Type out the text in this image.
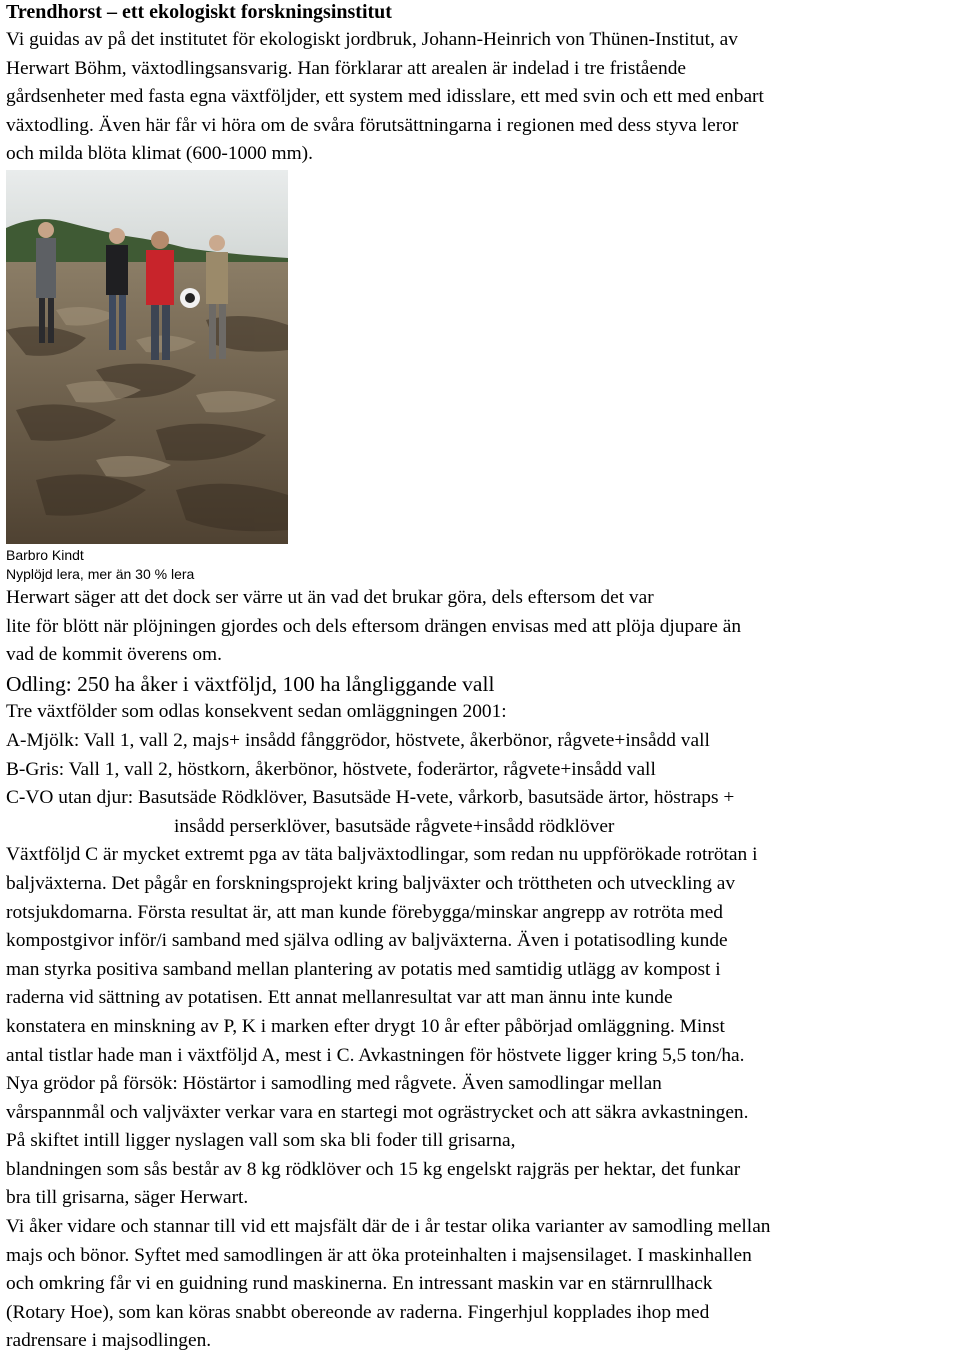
Trendhorst – ett ekologiskt forskningsinstitut
Vi guidas av på det institutet för ekologiskt jordbruk, Johann-Heinrich von Thünen-Institut, av
Herwart Böhm, växtodlingsansvarig. Han förklarar att arealen är indelad i tre fristående
gårdsenheter med fasta egna växtföljder, ett system med idisslare, ett med svin och ett med enbart
växtodling. Även här får vi höra om de svåra förutsättningarna i regionen med dess styva leror
och milda blöta klimat (600-1000 mm).
Barbro Kindt
Nyplöjd lera, mer än 30 % lera
Herwart säger att det dock ser värre ut än vad det brukar göra, dels eftersom det var
lite för blött när plöjningen gjordes och dels eftersom drängen envisas med att plöja djupare än
vad de kommit överens om.
Odling: 250 ha åker i växtföljd, 100 ha långliggande vall
Tre växtfölder som odlas konsekvent sedan omläggningen 2001:
A-Mjölk: Vall 1, vall 2, majs+ insådd fånggrödor, höstvete, åkerbönor, rågvete+insådd vall
B-Gris: Vall 1, vall 2, höstkorn, åkerbönor, höstvete, foderärtor, rågvete+insådd vall
C-VO utan djur: Basutsäde Rödklöver, Basutsäde H-vete, vårkorb, basutsäde ärtor, höstraps +
insådd perserklöver, basutsäde rågvete+insådd rödklöver
Växtföljd C är mycket extremt pga av täta baljväxtodlingar, som redan nu uppförökade rotrötan i
baljväxterna. Det pågår en forskningsprojekt kring baljväxter och tröttheten och utveckling av
rotsjukdomarna. Första resultat är, att man kunde förebygga/minskar angrepp av rotröta med
kompostgivor inför/i samband med själva odling av baljväxterna. Även i potatisodling kunde
man styrka positiva samband mellan plantering av potatis med samtidig utlägg av kompost i
raderna vid sättning av potatisen. Ett annat mellanresultat var att man ännu inte kunde
konstatera en minskning av P, K i marken efter drygt 10 år efter påbörjad omläggning. Minst
antal tistlar hade man i växtföljd A, mest i C. Avkastningen för höstvete ligger kring 5,5 ton/ha.
Nya grödor på försök: Höstärtor i samodling med rågvete. Även samodlingar mellan
vårspannmål och valjväxter verkar vara en startegi mot ogrästrycket och att säkra avkastningen.
På skiftet intill ligger nyslagen vall som ska bli foder till grisarna,
blandningen som sås består av 8 kg rödklöver och 15 kg engelskt rajgräs per hektar, det funkar
bra till grisarna, säger Herwart.
Vi åker vidare och stannar till vid ett majsfält där de i år testar olika varianter av samodling mellan
majs och bönor. Syftet med samodlingen är att öka proteinhalten i majsensilaget. I maskinhallen
och omkring får vi en guidning rund maskinerna. En intressant maskin var en stärnrullhack
(Rotary Hoe), som kan köras snabbt obereonde av raderna. Fingerhjul kopplades ihop med
radrensare i majsodlingen.
